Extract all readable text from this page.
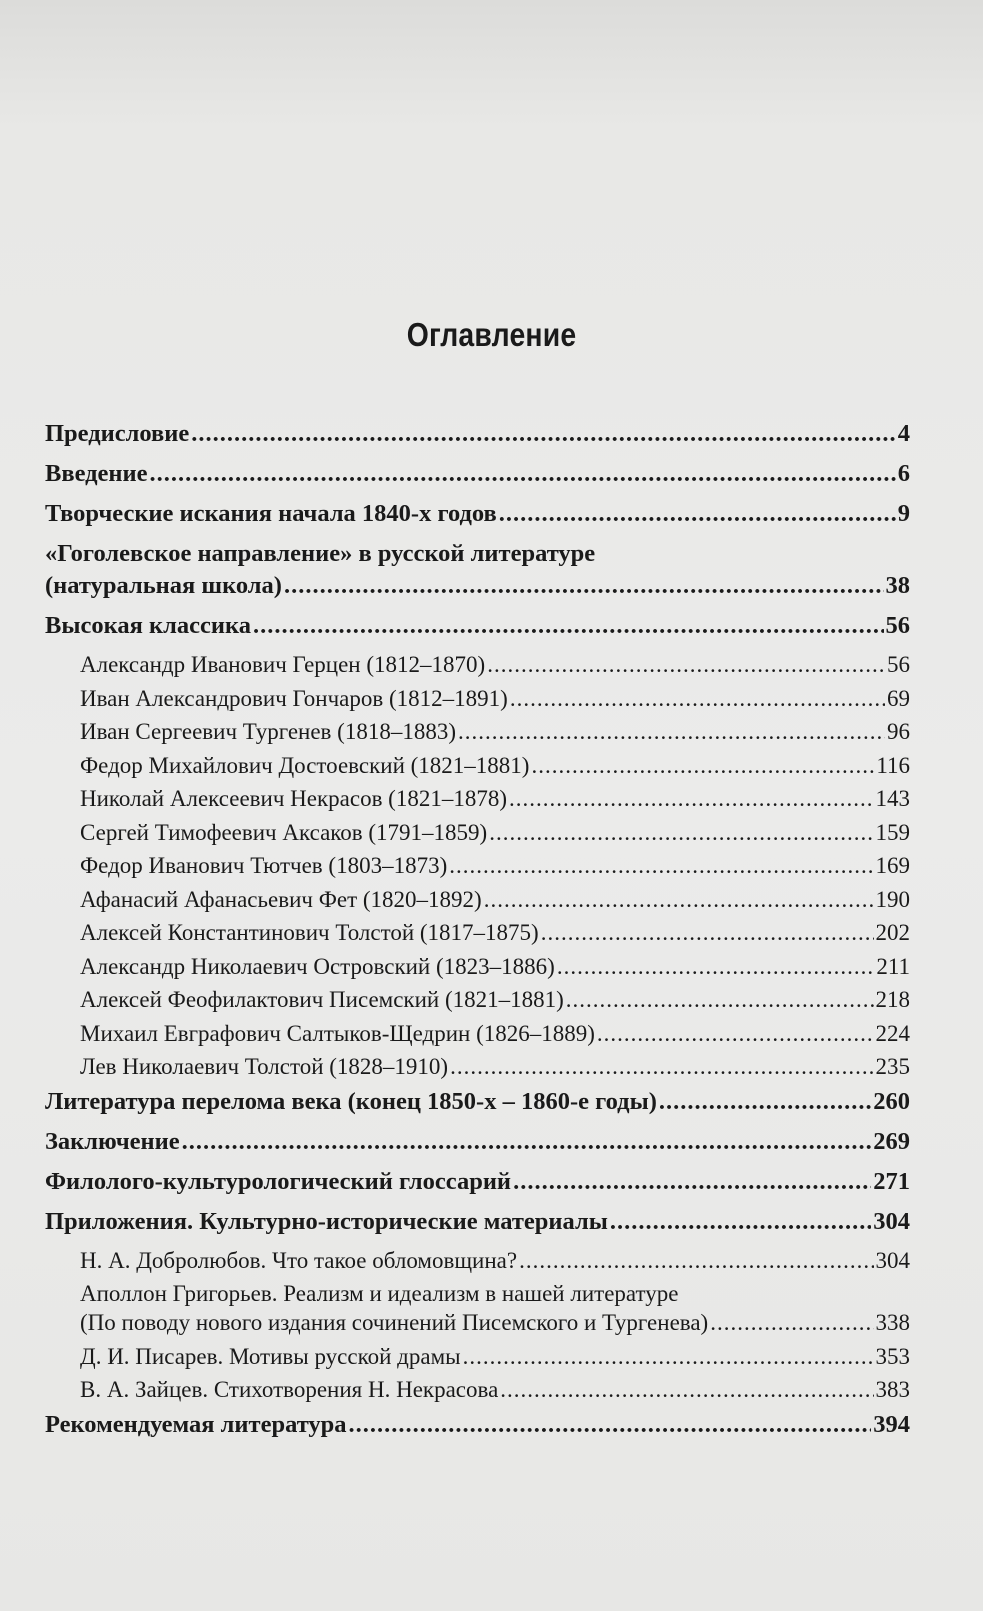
Оглавление
Предисловие .....	4
Введение .....	6
Творческие искания начала 1840-х годов .....	9
«Гоголевское направление» в русской литературе
(натуральная школа) .....	38
Высокая классика .....	56
Александр Иванович Герцен (1812–1870) .....	56
Иван Александрович Гончаров (1812–1891) .....	69
Иван Сергеевич Тургенев (1818–1883) .....	96
Федор Михайлович Достоевский (1821–1881) .....	116
Николай Алексеевич Некрасов (1821–1878) .....	143
Сергей Тимофеевич Аксаков (1791–1859) .....	159
Федор Иванович Тютчев (1803–1873) .....	169
Афанасий Афанасьевич Фет (1820–1892) .....	190
Алексей Константинович Толстой (1817–1875) .....	202
Александр Николаевич Островский (1823–1886) .....	211
Алексей Феофилактович Писемский (1821–1881) .....	218
Михаил Евграфович Салтыков-Щедрин (1826–1889) .....	224
Лев Николаевич Толстой (1828–1910) .....	235
Литература перелома века (конец 1850-х – 1860-е годы) .....	260
Заключение .....	269
Филолого-культурологический глоссарий .....	271
Приложения. Культурно-исторические материалы .....	304
Н. А. Добролюбов. Что такое обломовщина? .....	304
Аполлон Григорьев. Реализм и идеализм в нашей литературе
(По поводу нового издания сочинений Писемского и Тургенева) .....	338
Д. И. Писарев. Мотивы русской драмы .....	353
В. А. Зайцев. Стихотворения Н. Некрасова .....	383
Рекомендуемая литература .....	394
